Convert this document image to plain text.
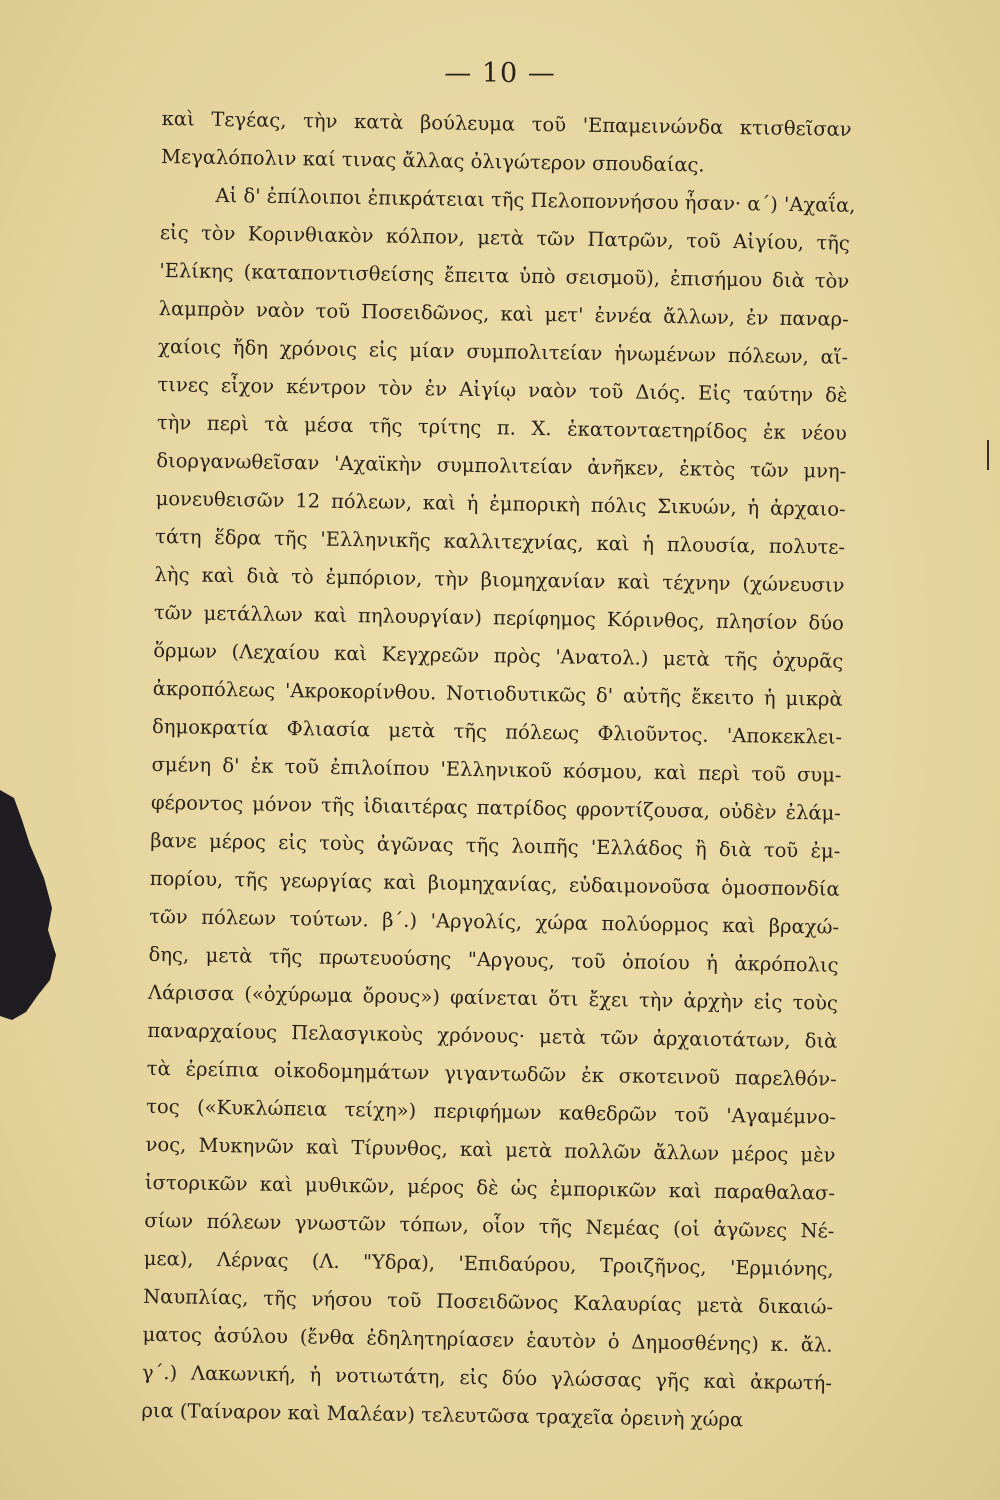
— 10 —
καὶ Τεγέας, τὴν κατὰ βούλευμα τοῦ 'Επαμεινώνδα κτισθεῖσαν
Μεγαλόπολιν καί τινας ἄλλας ὀλιγώτερον σπουδαίας.
Αἱ δ' ἐπίλοιποι ἐπικράτειαι τῆς Πελοποννήσου ἦσαν· α΄) 'Αχαΐα,
εἰς τὸν Κορινθιακὸν κόλπον, μετὰ τῶν Πατρῶν, τοῦ Αἰγίου, τῆς
'Ελίκης (καταποντισθείσης ἔπειτα ὑπὸ σεισμοῦ), ἐπισήμου διὰ τὸν
λαμπρὸν ναὸν τοῦ Ποσειδῶνος, καὶ μετ' ἐννέα ἄλλων, ἐν παναρ-
χαίοις ἤδη χρόνοις εἰς μίαν συμπολιτείαν ἡνωμένων πόλεων, αἵ-
τινες εἶχον κέντρον τὸν ἐν Αἰγίῳ ναὸν τοῦ Διός. Εἰς ταύτην δὲ
τὴν περὶ τὰ μέσα τῆς τρίτης π. Χ. ἑκατονταετηρίδος ἐκ νέου
διοργανωθεῖσαν 'Αχαϊκὴν συμπολιτείαν ἀνῆκεν, ἐκτὸς τῶν μνη-
μονευθεισῶν 12 πόλεων, καὶ ἡ ἐμπορικὴ πόλις Σικυών, ἡ ἀρχαιο-
τάτη ἕδρα τῆς 'Ελληνικῆς καλλιτεχνίας, καὶ ἡ πλουσία, πολυτε-
λὴς καὶ διὰ τὸ ἐμπόριον, τὴν βιομηχανίαν καὶ τέχνην (χώνευσιν
τῶν μετάλλων καὶ πηλουργίαν) περίφημος Κόρινθος, πλησίον δύο
ὅρμων (Λεχαίου καὶ Κεγχρεῶν πρὸς 'Ανατολ.) μετὰ τῆς ὀχυρᾶς
ἀκροπόλεως 'Ακροκορίνθου. Νοτιοδυτικῶς δ' αὐτῆς ἔκειτο ἡ μικρὰ
δημοκρατία Φλιασία μετὰ τῆς πόλεως Φλιοῦντος. 'Αποκεκλει-
σμένη δ' ἐκ τοῦ ἐπιλοίπου 'Ελληνικοῦ κόσμου, καὶ περὶ τοῦ συμ-
φέροντος μόνον τῆς ἰδιαιτέρας πατρίδος φροντίζουσα, οὐδὲν ἐλάμ-
βανε μέρος εἰς τοὺς ἀγῶνας τῆς λοιπῆς 'Ελλάδος ἢ διὰ τοῦ ἐμ-
πορίου, τῆς γεωργίας καὶ βιομηχανίας, εὐδαιμονοῦσα ὁμοσπονδία
τῶν πόλεων τούτων. β΄.) 'Αργολίς, χώρα πολύορμος καὶ βραχώ-
δης, μετὰ τῆς πρωτευούσης "Αργους, τοῦ ὁποίου ἡ ἀκρόπολις
Λάρισσα («ὀχύρωμα ὄρους») φαίνεται ὅτι ἔχει τὴν ἀρχὴν εἰς τοὺς
παναρχαίους Πελασγικοὺς χρόνους· μετὰ τῶν ἀρχαιοτάτων, διὰ
τὰ ἐρείπια οἰκοδομημάτων γιγαντωδῶν ἐκ σκοτεινοῦ παρελθόν-
τος («Κυκλώπεια τείχη») περιφήμων καθεδρῶν τοῦ 'Αγαμέμνο-
νος, Μυκηνῶν καὶ Τίρυνθος, καὶ μετὰ πολλῶν ἄλλων μέρος μὲν
ἱστορικῶν καὶ μυθικῶν, μέρος δὲ ὡς ἐμπορικῶν καὶ παραθαλασ-
σίων πόλεων γνωστῶν τόπων, οἷον τῆς Νεμέας (οἱ ἀγῶνες Νέ-
μεα), Λέρνας (Λ. "Υδρα), 'Επιδαύρου, Τροιζῆνος, 'Ερμιόνης,
Ναυπλίας, τῆς νήσου τοῦ Ποσειδῶνος Καλαυρίας μετὰ δικαιώ-
ματος ἀσύλου (ἔνθα ἐδηλητηρίασεν ἑαυτὸν ὁ Δημοσθένης) κ. ἄλ.
γ΄.) Λακωνική, ἡ νοτιωτάτη, εἰς δύο γλώσσας γῆς καὶ ἀκρωτή-
ρια (Ταίναρον καὶ Μαλέαν) τελευτῶσα τραχεῖα ὀρεινὴ χώρα
